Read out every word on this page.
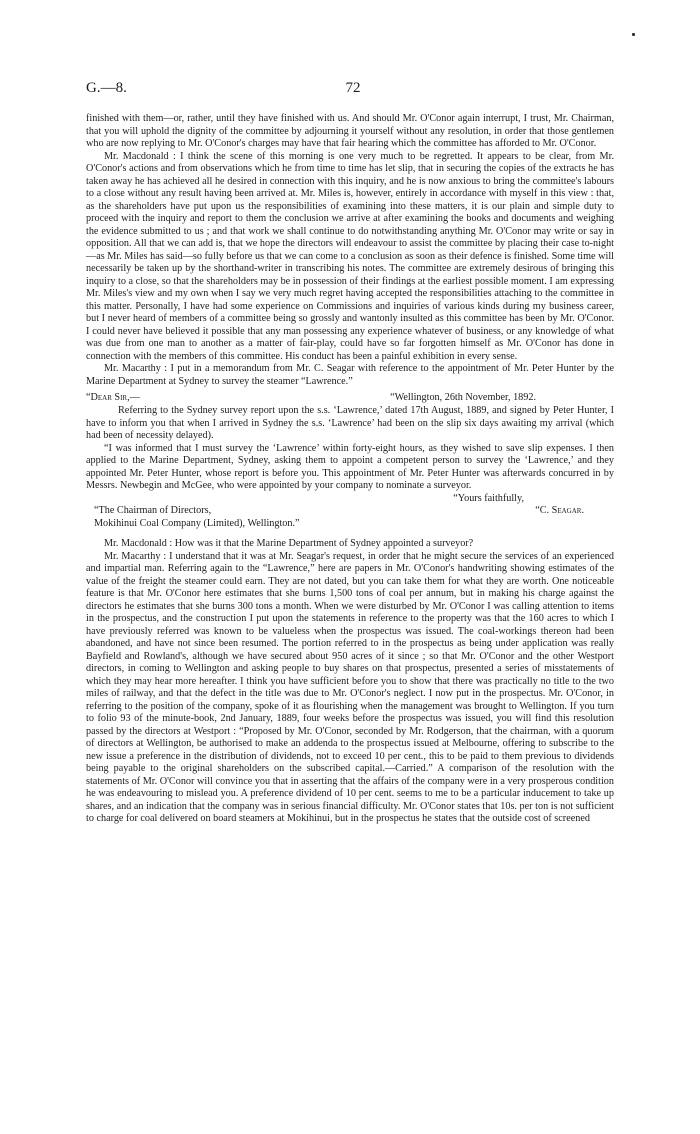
G.—8.	72

finished with them—or, rather, until they have finished with us. And should Mr. O'Conor again interrupt, I trust, Mr. Chairman, that you will uphold the dignity of the committee by adjourning it yourself without any resolution, in order that those gentlemen who are now replying to Mr. O'Conor's charges may have that fair hearing which the committee has afforded to Mr. O'Conor.

Mr. Macdonald : I think the scene of this morning is one very much to be regretted. It appears to be clear, from Mr. O'Conor's actions and from observations which he from time to time has let slip, that in securing the copies of the extracts he has taken away he has achieved all he desired in connection with this inquiry, and he is now anxious to bring the committee's labours to a close without any result having been arrived at. Mr. Miles is, however, entirely in accordance with myself in this view : that, as the shareholders have put upon us the responsibilities of examining into these matters, it is our plain and simple duty to proceed with the inquiry and report to them the conclusion we arrive at after examining the books and documents and weighing the evidence submitted to us ; and that work we shall continue to do notwithstanding anything Mr. O'Conor may write or say in opposition. All that we can add is, that we hope the directors will endeavour to assist the committee by placing their case to-night—as Mr. Miles has said—so fully before us that we can come to a conclusion as soon as their defence is finished. Some time will necessarily be taken up by the shorthand-writer in transcribing his notes. The committee are extremely desirous of bringing this inquiry to a close, so that the shareholders may be in possession of their findings at the earliest possible moment. I am expressing Mr. Miles's view and my own when I say we very much regret having accepted the responsibilities attaching to the committee in this matter. Personally, I have had some experience on Commissions and inquiries of various kinds during my business career, but I never heard of members of a committee being so grossly and wantonly insulted as this committee has been by Mr. O'Conor. I could never have believed it possible that any man possessing any experience whatever of business, or any knowledge of what was due from one man to another as a matter of fair-play, could have so far forgotten himself as Mr. O'Conor has done in connection with the members of this committee. His conduct has been a painful exhibition in every sense.

Mr. Macarthy : I put in a memorandum from Mr. C. Seagar with reference to the appointment of Mr. Peter Hunter by the Marine Department at Sydney to survey the steamer “Lawrence.”

“Dear Sir,—	“Wellington, 26th November, 1892.

Referring to the Sydney survey report upon the s.s. ‘Lawrence,’ dated 17th August, 1889, and signed by Peter Hunter, I have to inform you that when I arrived in Sydney the s.s. ‘Lawrence’ had been on the slip six days awaiting my arrival (which had been of necessity delayed).

“I was informed that I must survey the ‘Lawrence’ within forty-eight hours, as they wished to save slip expenses. I then applied to the Marine Department, Sydney, asking them to appoint a competent person to survey the ‘Lawrence,’ and they appointed Mr. Peter Hunter, whose report is before you. This appointment of Mr. Peter Hunter was afterwards concurred in by Messrs. Newbegin and McGee, who were appointed by your company to nominate a surveyor.

“Yours faithfully,

“The Chairman of Directors,
Mokihinui Coal Company (Limited), Wellington.”
“C. Seagar.

Mr. Macdonald : How was it that the Marine Department of Sydney appointed a surveyor?

Mr. Macarthy : I understand that it was at Mr. Seagar's request, in order that he might secure the services of an experienced and impartial man. Referring again to the “Lawrence,” here are papers in Mr. O'Conor's handwriting showing estimates of the value of the freight the steamer could earn. They are not dated, but you can take them for what they are worth. One noticeable feature is that Mr. O'Conor here estimates that she burns 1,500 tons of coal per annum, but in making his charge against the directors he estimates that she burns 300 tons a month. When we were disturbed by Mr. O'Conor I was calling attention to items in the prospectus, and the construction I put upon the statements in reference to the property was that the 160 acres to which I have previously referred was known to be valueless when the prospectus was issued. The coal-workings thereon had been abandoned, and have not since been resumed. The portion referred to in the prospectus as being under application was really Bayfield and Rowland's, although we have secured about 950 acres of it since ; so that Mr. O'Conor and the other Westport directors, in coming to Wellington and asking people to buy shares on that prospectus, presented a series of misstatements of which they may hear more hereafter. I think you have sufficient before you to show that there was practically no title to the two miles of railway, and that the defect in the title was due to Mr. O'Conor's neglect. I now put in the prospectus. Mr. O'Conor, in referring to the position of the company, spoke of it as flourishing when the management was brought to Wellington. If you turn to folio 93 of the minute-book, 2nd January, 1889, four weeks before the prospectus was issued, you will find this resolution passed by the directors at Westport : “Proposed by Mr. O'Conor, seconded by Mr. Rodgerson, that the chairman, with a quorum of directors at Wellington, be authorised to make an addenda to the prospectus issued at Melbourne, offering to subscribe to the new issue a preference in the distribution of dividends, not to exceed 10 per cent., this to be paid to them previous to dividends being payable to the original shareholders on the subscribed capital.—Carried.” A comparison of the resolution with the statements of Mr. O'Conor will convince you that in asserting that the affairs of the company were in a very prosperous condition he was endeavouring to mislead you. A preference dividend of 10 per cent. seems to me to be a particular inducement to take up shares, and an indication that the company was in serious financial difficulty. Mr. O'Conor states that 10s. per ton is not sufficient to charge for coal delivered on board steamers at Mokihinui, but in the prospectus he states that the outside cost of screened
